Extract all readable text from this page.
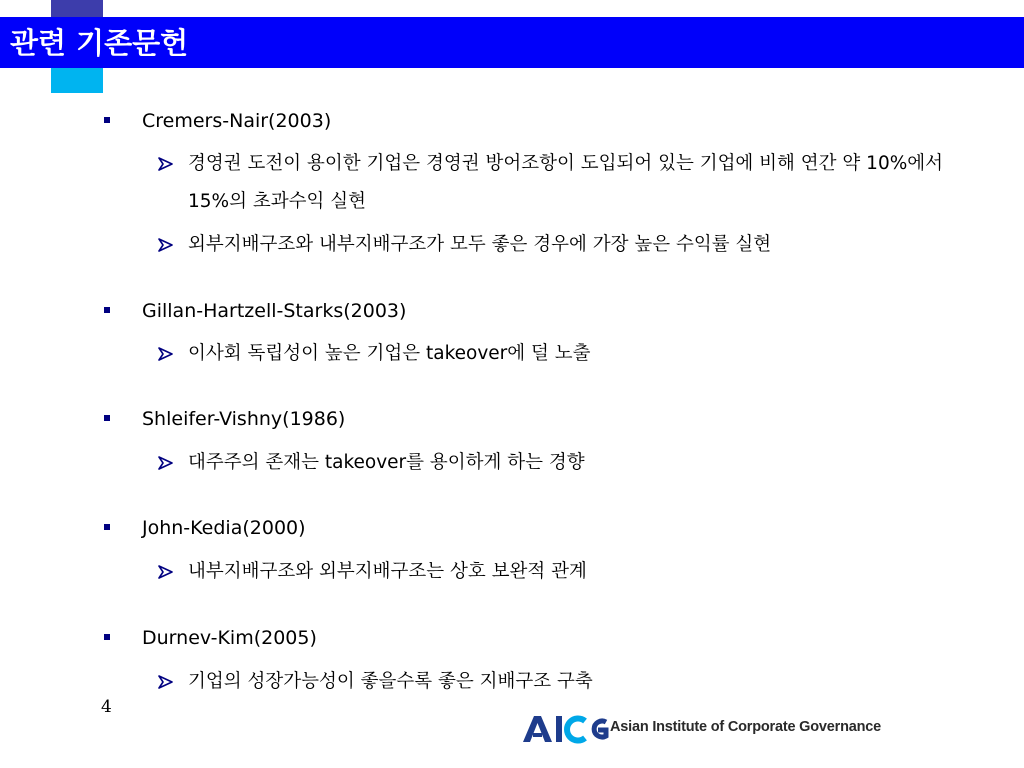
관련 기존문헌
Cremers-Nair(2003)
경영권 도전이 용이한 기업은 경영권 방어조항이 도입되어 있는 기업에 비해 연간 약 10%에서 15%의 초과수익 실현
외부지배구조와 내부지배구조가 모두 좋은 경우에 가장 높은 수익률 실현
Gillan-Hartzell-Starks(2003)
이사회 독립성이 높은 기업은 takeover에 덜 노출
Shleifer-Vishny(1986)
대주주의 존재는 takeover를 용이하게 하는 경향
John-Kedia(2000)
내부지배구조와 외부지배구조는 상호 보완적 관계
Durnev-Kim(2005)
기업의 성장가능성이 좋을수록 좋은 지배구조 구축
4
Asian Institute of Corporate Governance
